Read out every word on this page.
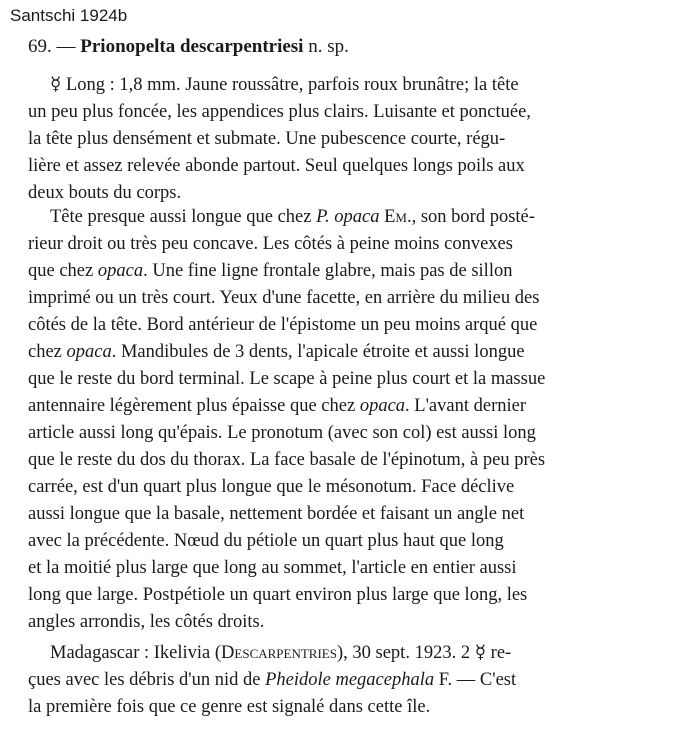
Santschi 1924b
69. — Prionopelta descarpentriesi n. sp.
☿ Long : 1,8 mm. Jaune roussâtre, parfois roux brunâtre; la tête
un peu plus foncée, les appendices plus clairs. Luisante et ponctuée,
la tête plus densément et submate. Une pubescence courte, régu-
lière et assez relevée abonde partout. Seul quelques longs poils aux
deux bouts du corps.
Tête presque aussi longue que chez P. opaca Em., son bord posté-
rieur droit ou très peu concave. Les côtés à peine moins convexes
que chez opaca. Une fine ligne frontale glabre, mais pas de sillon
imprimé ou un très court. Yeux d'une facette, en arrière du milieu des
côtés de la tête. Bord antérieur de l'épistome un peu moins arqué que
chez opaca. Mandibules de 3 dents, l'apicale étroite et aussi longue
que le reste du bord terminal. Le scape à peine plus court et la massue
antennaire légèrement plus épaisse que chez opaca. L'avant dernier
article aussi long qu'épais. Le pronotum (avec son col) est aussi long
que le reste du dos du thorax. La face basale de l'épinotum, à peu près
carrée, est d'un quart plus longue que le mésonotum. Face déclive
aussi longue que la basale, nettement bordée et faisant un angle net
avec la précédente. Nœud du pétiole un quart plus haut que long
et la moitié plus large que long au sommet, l'article en entier aussi
long que large. Postpétiole un quart environ plus large que long, les
angles arrondis, les côtés droits.
Madagascar : Ikelivia (Descarpentries), 30 sept. 1923. 2 ☿ re-
çues avec les débris d'un nid de Pheidole megacephala F. — C'est
la première fois que ce genre est signalé dans cette île.
